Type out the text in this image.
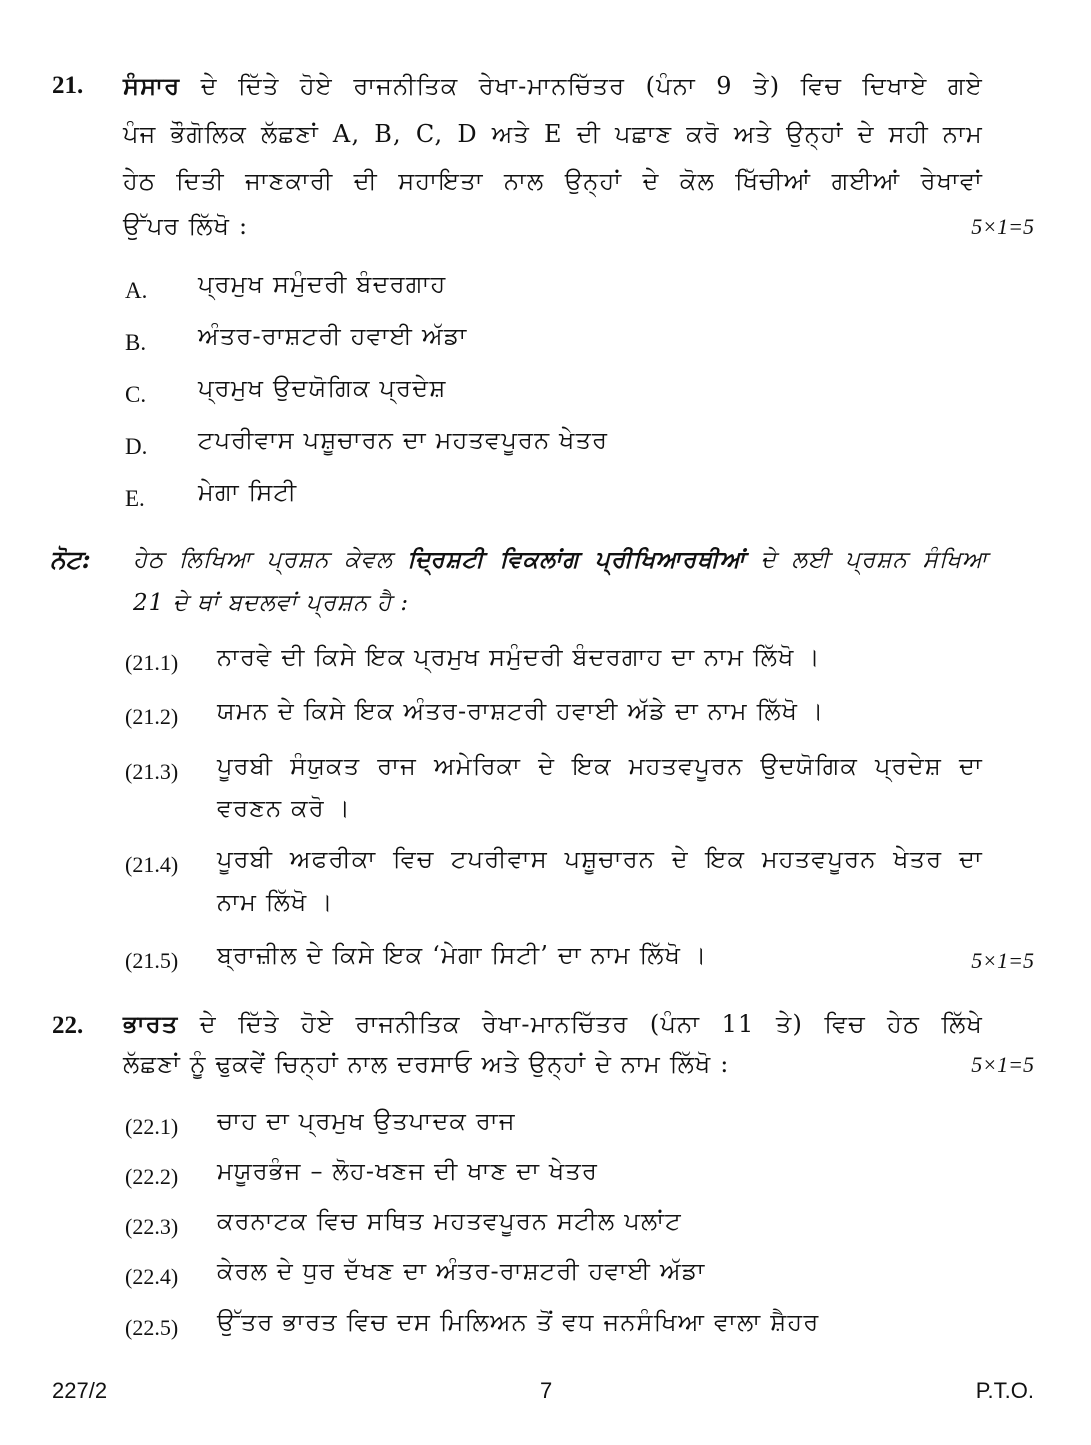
21. ਸੰਸਾਰ ਦੇ ਦਿੱਤੇ ਹੋਏ ਰਾਜਨੀਤਿਕ ਰੇਖਾ-ਮਾਨਚਿੱਤਰ (ਪੰਨਾ 9 ਤੇ) ਵਿਚ ਦਿਖਾਏ ਗਏ
ਪੰਜ ਭੌਗੋਲਿਕ ਲੱਛਣਾਂ A, B, C, D ਅਤੇ E ਦੀ ਪਛਾਣ ਕਰੋ ਅਤੇ ਉਨ੍ਹਾਂ ਦੇ ਸਹੀ ਨਾਮ
ਹੇਠ ਦਿਤੀ ਜਾਣਕਾਰੀ ਦੀ ਸਹਾਇਤਾ ਨਾਲ ਉਨ੍ਹਾਂ ਦੇ ਕੋਲ ਖਿੱਚੀਆਂ ਗਈਆਂ ਰੇਖਾਵਾਂ
ਉੱਪਰ ਲਿੱਖੋ :	5×1=5
A. ਪ੍ਰਮੁਖ ਸਮੁੰਦਰੀ ਬੰਦਰਗਾਹ
B. ਅੰਤਰ-ਰਾਸ਼ਟਰੀ ਹਵਾਈ ਅੱਡਾ
C. ਪ੍ਰਮੁਖ ਉਦਯੋਗਿਕ ਪ੍ਰਦੇਸ਼
D. ਟਪਰੀਵਾਸ ਪਸ਼ੂਚਾਰਨ ਦਾ ਮਹਤਵਪੂਰਨ ਖੇਤਰ
E. ਮੇਗਾ ਸਿਟੀ
ਨੋਟ: ਹੇਠ ਲਿਖਿਆ ਪ੍ਰਸ਼ਨ ਕੇਵਲ ਦ੍ਰਿਸ਼ਟੀ ਵਿਕਲਾਂਗ ਪ੍ਰੀਖਿਆਰਥੀਆਂ ਦੇ ਲਈ ਪ੍ਰਸ਼ਨ ਸੰਖਿਆ
21 ਦੇ ਥਾਂ ਬਦਲਵਾਂ ਪ੍ਰਸ਼ਨ ਹੈ :
(21.1) ਨਾਰਵੇ ਦੀ ਕਿਸੇ ਇਕ ਪ੍ਰਮੁਖ ਸਮੁੰਦਰੀ ਬੰਦਰਗਾਹ ਦਾ ਨਾਮ ਲਿੱਖੋ ।
(21.2) ਯਮਨ ਦੇ ਕਿਸੇ ਇਕ ਅੰਤਰ-ਰਾਸ਼ਟਰੀ ਹਵਾਈ ਅੱਡੇ ਦਾ ਨਾਮ ਲਿੱਖੋ ।
(21.3) ਪੂਰਬੀ ਸੰਯੁਕਤ ਰਾਜ ਅਮੇਰਿਕਾ ਦੇ ਇਕ ਮਹਤਵਪੂਰਨ ਉਦਯੋਗਿਕ ਪ੍ਰਦੇਸ਼ ਦਾ
ਵਰਣਨ ਕਰੋ ।
(21.4) ਪੂਰਬੀ ਅਫਰੀਕਾ ਵਿਚ ਟਪਰੀਵਾਸ ਪਸ਼ੂਚਾਰਨ ਦੇ ਇਕ ਮਹਤਵਪੂਰਨ ਖੇਤਰ ਦਾ
ਨਾਮ ਲਿੱਖੋ ।
(21.5) ਬ੍ਰਾਜ਼ੀਲ ਦੇ ਕਿਸੇ ਇਕ ‘ਮੇਗਾ ਸਿਟੀ’ ਦਾ ਨਾਮ ਲਿੱਖੋ ।	5×1=5
22. ਭਾਰਤ ਦੇ ਦਿੱਤੇ ਹੋਏ ਰਾਜਨੀਤਿਕ ਰੇਖਾ-ਮਾਨਚਿੱਤਰ (ਪੰਨਾ 11 ਤੇ) ਵਿਚ ਹੇਠ ਲਿੱਖੇ
ਲੱਛਣਾਂ ਨੂੰ ਢੁਕਵੇਂ ਚਿਨ੍ਹਾਂ ਨਾਲ ਦਰਸਾਓ ਅਤੇ ਉਨ੍ਹਾਂ ਦੇ ਨਾਮ ਲਿੱਖੋ :	5×1=5
(22.1) ਚਾਹ ਦਾ ਪ੍ਰਮੁਖ ਉਤਪਾਦਕ ਰਾਜ
(22.2) ਮਯੂਰਭੰਜ – ਲੋਹ-ਖਣਜ ਦੀ ਖਾਣ ਦਾ ਖੇਤਰ
(22.3) ਕਰਨਾਟਕ ਵਿਚ ਸਥਿਤ ਮਹਤਵਪੂਰਨ ਸਟੀਲ ਪਲਾਂਟ
(22.4) ਕੇਰਲ ਦੇ ਧੁਰ ਦੱਖਣ ਦਾ ਅੰਤਰ-ਰਾਸ਼ਟਰੀ ਹਵਾਈ ਅੱਡਾ
(22.5) ਉੱਤਰ ਭਾਰਤ ਵਿਚ ਦਸ ਮਿਲਿਅਨ ਤੋਂ ਵਧ ਜਨਸੰਖਿਆ ਵਾਲਾ ਸ਼ੈਹਰ
227/2	7	P.T.O.
